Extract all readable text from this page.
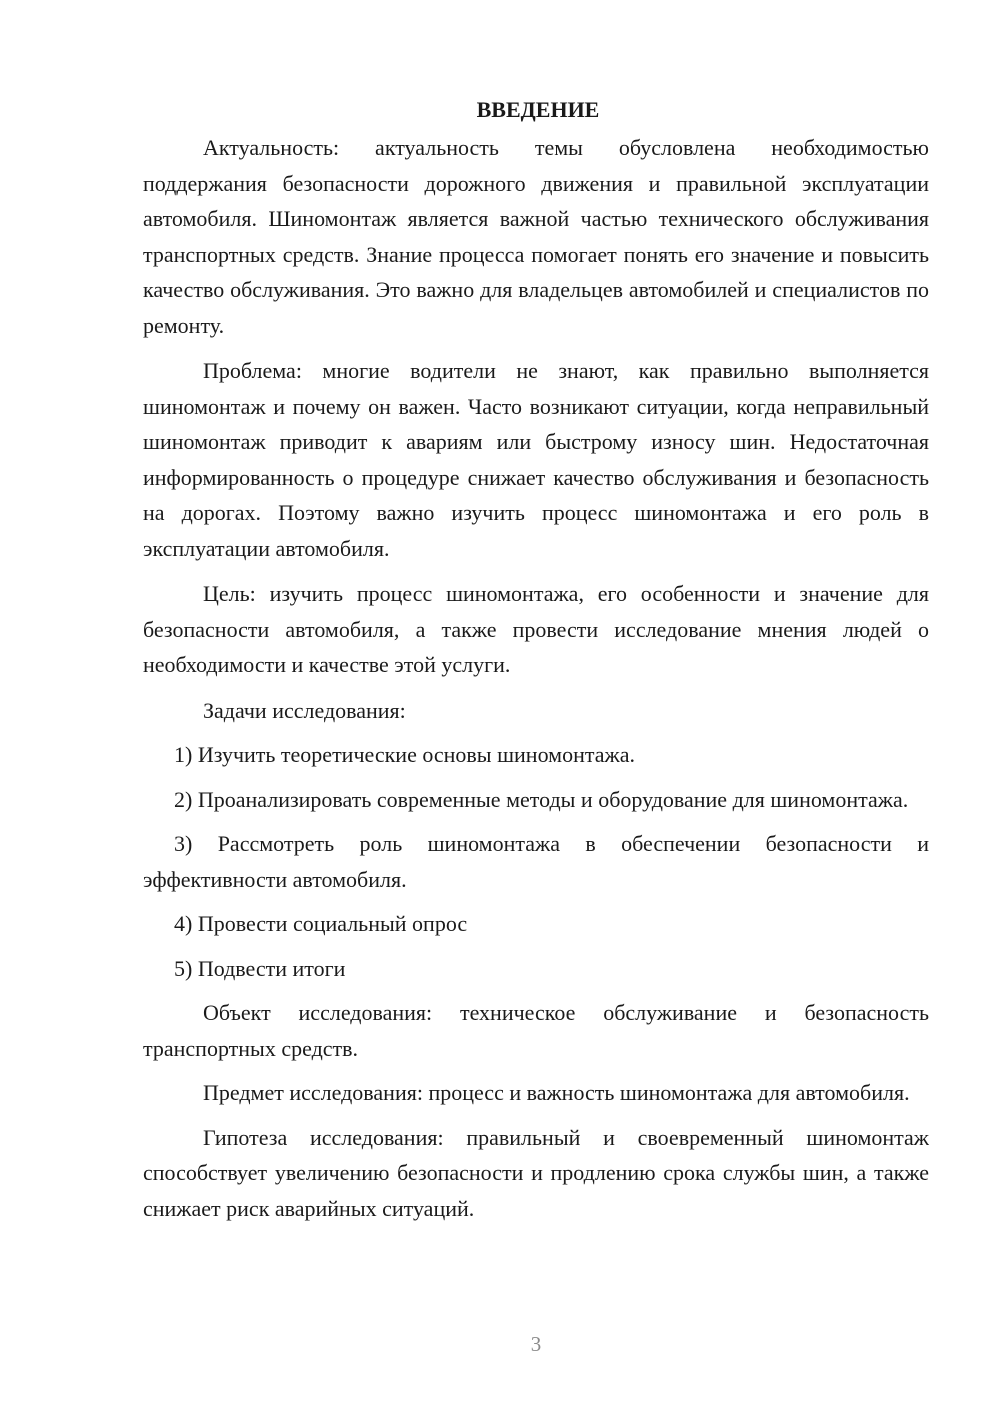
ВВЕДЕНИЕ

Актуальность: актуальность темы обусловлена необходимостью поддержания безопасности дорожного движения и правильной эксплуатации автомобиля. Шиномонтаж является важной частью технического обслуживания транспортных средств. Знание процесса помогает понять его значение и повысить качество обслуживания. Это важно для владельцев автомобилей и специалистов по ремонту.

Проблема: многие водители не знают, как правильно выполняется шиномонтаж и почему он важен. Часто возникают ситуации, когда неправильный шиномонтаж приводит к авариям или быстрому износу шин. Недостаточная информированность о процедуре снижает качество обслуживания и безопасность на дорогах. Поэтому важно изучить процесс шиномонтажа и его роль в эксплуатации автомобиля.

Цель: изучить процесс шиномонтажа, его особенности и значение для безопасности автомобиля, а также провести исследование мнения людей о необходимости и качестве этой услуги.

Задачи исследования:

1) Изучить теоретические основы шиномонтажа.

2) Проанализировать современные методы и оборудование для шиномонтажа.

3) Рассмотреть роль шиномонтажа в обеспечении безопасности и эффективности автомобиля.

4) Провести социальный опрос

5) Подвести итоги

Объект исследования: техническое обслуживание и безопасность транспортных средств.

Предмет исследования: процесс и важность шиномонтажа для автомобиля.

Гипотеза исследования: правильный и своевременный шиномонтаж способствует увеличению безопасности и продлению срока службы шин, а также снижает риск аварийных ситуаций.

3
